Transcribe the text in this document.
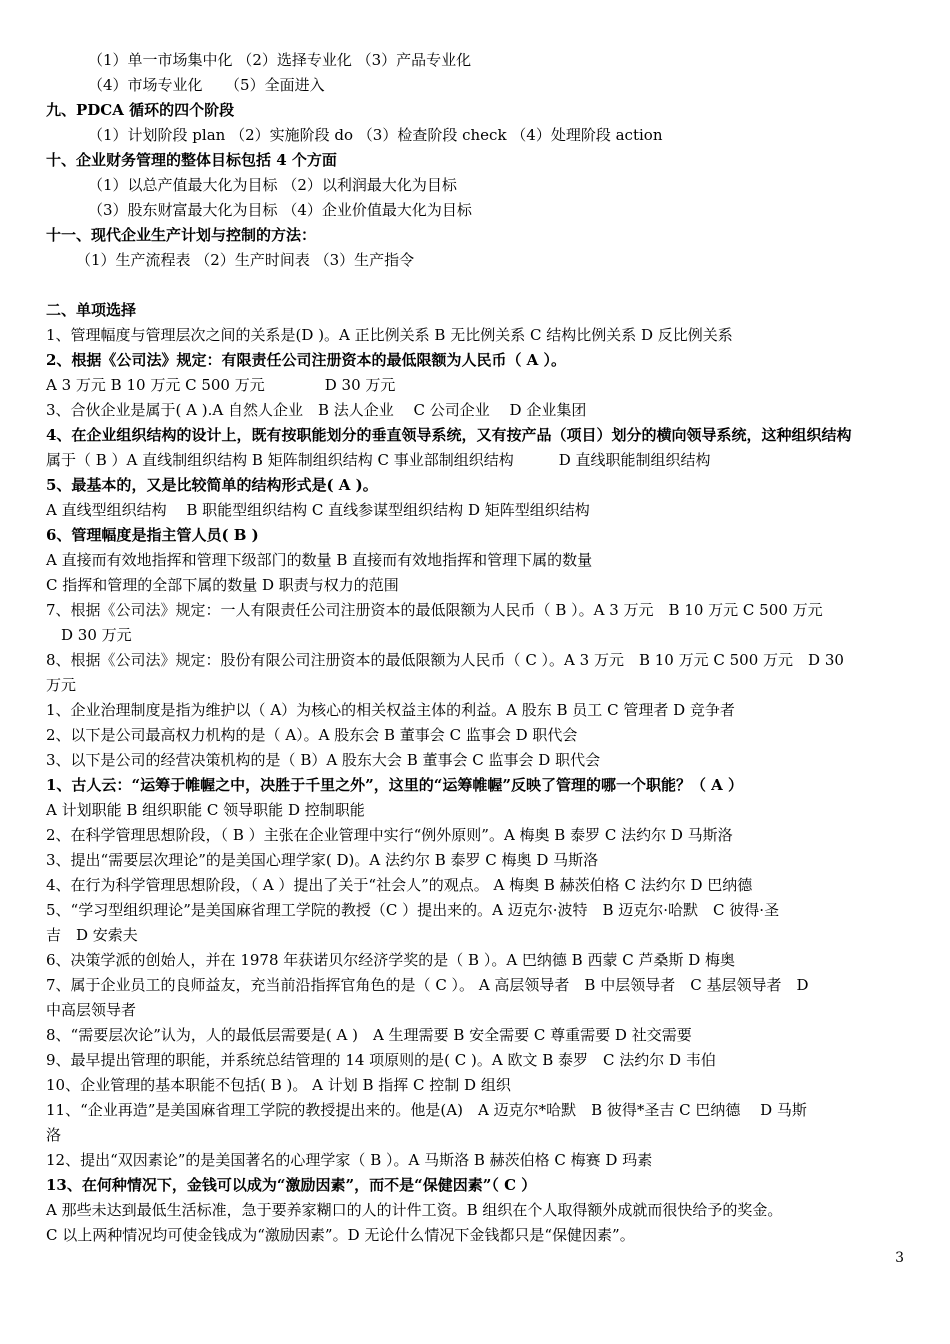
（1）单一市场集中化 （2）选择专业化 （3）产品专业化
（4）市场专业化　　（5）全面进入
九、PDCA 循环的四个阶段
（1）计划阶段 plan （2）实施阶段 do （3）检查阶段 check （4）处理阶段 action
十、企业财务管理的整体目标包括 4 个方面
（1）以总产值最大化为目标 （2）以利润最大化为目标
（3）股东财富最大化为目标 （4）企业价值最大化为目标
十一、现代企业生产计划与控制的方法：
（1）生产流程表 （2）生产时间表 （3）生产指令
二、单项选择
1、管理幅度与管理层次之间的关系是(D )。A 正比例关系 B 无比例关系 C 结构比例关系 D 反比例关系
2、根据《公司法》规定：有限责任公司注册资本的最低限额为人民币（ A ）。
A 3 万元 B 10 万元 C 500 万元　　　　D 30 万元
3、合伙企业是属于( A ).A 自然人企业　B 法人企业　 C 公司企业　 D 企业集团
4、在企业组织结构的设计上，既有按职能划分的垂直领导系统，又有按产品（项目）划分的横向领导系统，这种组织结构
属于（ B ）A 直线制组织结构 B 矩阵制组织结构 C 事业部制组织结构　　　D 直线职能制组织结构
5、最基本的，又是比较简单的结构形式是( A )。
A 直线型组织结构　 B 职能型组织结构 C 直线参谋型组织结构 D 矩阵型组织结构
6、管理幅度是指主管人员( B )
A 直接而有效地指挥和管理下级部门的数量 B 直接而有效地指挥和管理下属的数量
C 指挥和管理的全部下属的数量 D 职责与权力的范围
7、根据《公司法》规定：一人有限责任公司注册资本的最低限额为人民币（ B ）。A 3 万元　B 10 万元 C 500 万元
　D 30 万元
8、根据《公司法》规定：股份有限公司注册资本的最低限额为人民币（ C ）。A 3 万元　B 10 万元 C 500 万元　D 30
万元
1、企业治理制度是指为维护以（ A）为核心的相关权益主体的利益。A 股东 B 员工 C 管理者 D 竞争者
2、以下是公司最高权力机构的是（ A）。A 股东会 B 董事会 C 监事会 D 职代会
3、以下是公司的经营决策机构的是（ B）A 股东大会 B 董事会 C 监事会 D 职代会
1、古人云：“运筹于帷幄之中，决胜于千里之外”，这里的“运筹帷幄”反映了管理的哪一个职能？（ A ）
A 计划职能 B 组织职能 C 领导职能 D 控制职能
2、在科学管理思想阶段，（ B ）主张在企业管理中实行“例外原则”。A 梅奥 B 泰罗 C 法约尔 D 马斯洛
3、提出“需要层次理论”的是美国心理学家( D)。A 法约尔 B 泰罗 C 梅奥 D 马斯洛
4、在行为科学管理思想阶段，（ A ）提出了关于“社会人”的观点。 A 梅奥 B 赫茨伯格 C 法约尔 D 巴纳德
5、“学习型组织理论”是美国麻省理工学院的教授（C ）提出来的。A 迈克尔·波特　B 迈克尔·哈默　C 彼得·圣
吉　D 安索夫
6、决策学派的创始人，并在 1978 年获诺贝尔经济学奖的是（ B ）。A 巴纳德 B 西蒙 C 芦桑斯 D 梅奥
7、属于企业员工的良师益友，充当前沿指挥官角色的是（ C ）。 A 高层领导者　B 中层领导者　C 基层领导者　D
中高层领导者
8、“需要层次论”认为，人的最低层需要是( A )　A 生理需要 B 安全需要 C 尊重需要 D 社交需要
9、最早提出管理的职能，并系统总结管理的 14 项原则的是( C )。A 欧文 B 泰罗　C 法约尔 D 韦伯
10、企业管理的基本职能不包括( B )。 A 计划 B 指挥 C 控制 D 组织
11、“企业再造”是美国麻省理工学院的教授提出来的。他是(A)　A 迈克尔*哈默　B 彼得*圣吉 C 巴纳德　 D 马斯
洛
12、提出“双因素论”的是美国著名的心理学家（ B ）。A 马斯洛 B 赫茨伯格 C 梅赛 D 玛素
13、在何种情况下，金钱可以成为“激励因素”，而不是“保健因素”（ C ）
A 那些未达到最低生活标准，急于要养家糊口的人的计件工资。B 组织在个人取得额外成就而很快给予的奖金。
C 以上两种情况均可使金钱成为“激励因素”。D 无论什么情况下金钱都只是“保健因素”。
3
